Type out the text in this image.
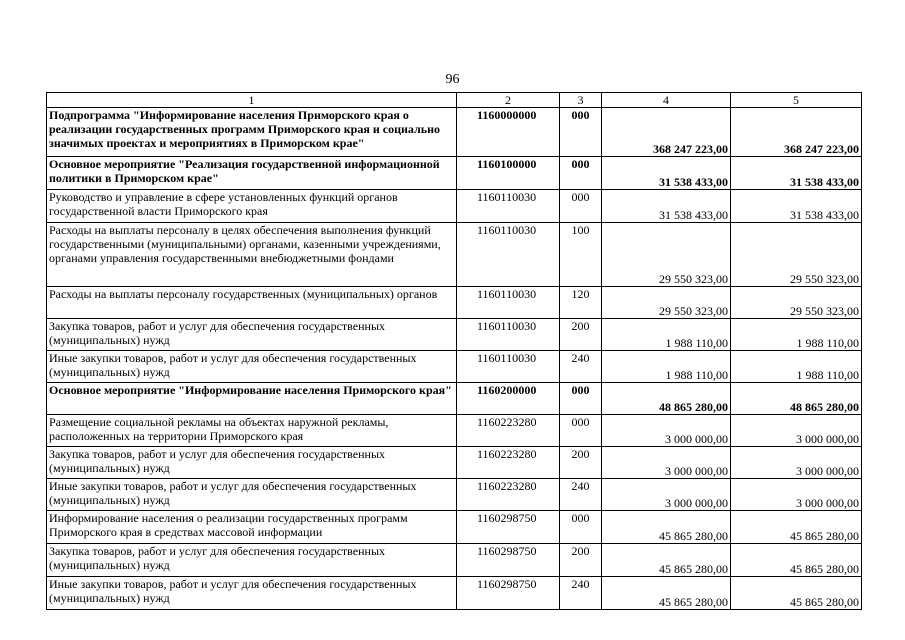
96
1	2	3	4	5
Подпрограмма "Информирование населения Приморского края о реализации государственных программ Приморского края и социально значимых проектах и мероприятиях в Приморском крае"	1160000000	000	368 247 223,00	368 247 223,00
Основное мероприятие "Реализация государственной информационной политики в Приморском крае"	1160100000	000	31 538 433,00	31 538 433,00
Руководство и управление в сфере установленных функций органов государственной власти Приморского края	1160110030	000	31 538 433,00	31 538 433,00
Расходы на выплаты персоналу в целях обеспечения выполнения функций государственными (муниципальными) органами, казенными учреждениями, органами управления государственными внебюджетными фондами	1160110030	100	29 550 323,00	29 550 323,00
Расходы на выплаты персоналу государственных (муниципальных) органов	1160110030	120	29 550 323,00	29 550 323,00
Закупка товаров, работ и услуг для обеспечения государственных (муниципальных) нужд	1160110030	200	1 988 110,00	1 988 110,00
Иные закупки товаров, работ и услуг для обеспечения государственных (муниципальных) нужд	1160110030	240	1 988 110,00	1 988 110,00
Основное мероприятие "Информирование населения Приморского края"	1160200000	000	48 865 280,00	48 865 280,00
Размещение социальной рекламы на объектах наружной рекламы, расположенных на территории Приморского края	1160223280	000	3 000 000,00	3 000 000,00
Закупка товаров, работ и услуг для обеспечения государственных (муниципальных) нужд	1160223280	200	3 000 000,00	3 000 000,00
Иные закупки товаров, работ и услуг для обеспечения государственных (муниципальных) нужд	1160223280	240	3 000 000,00	3 000 000,00
Информирование населения о реализации государственных программ Приморского края в средствах массовой информации	1160298750	000	45 865 280,00	45 865 280,00
Закупка товаров, работ и услуг для обеспечения государственных (муниципальных) нужд	1160298750	200	45 865 280,00	45 865 280,00
Иные закупки товаров, работ и услуг для обеспечения государственных (муниципальных) нужд	1160298750	240	45 865 280,00	45 865 280,00
